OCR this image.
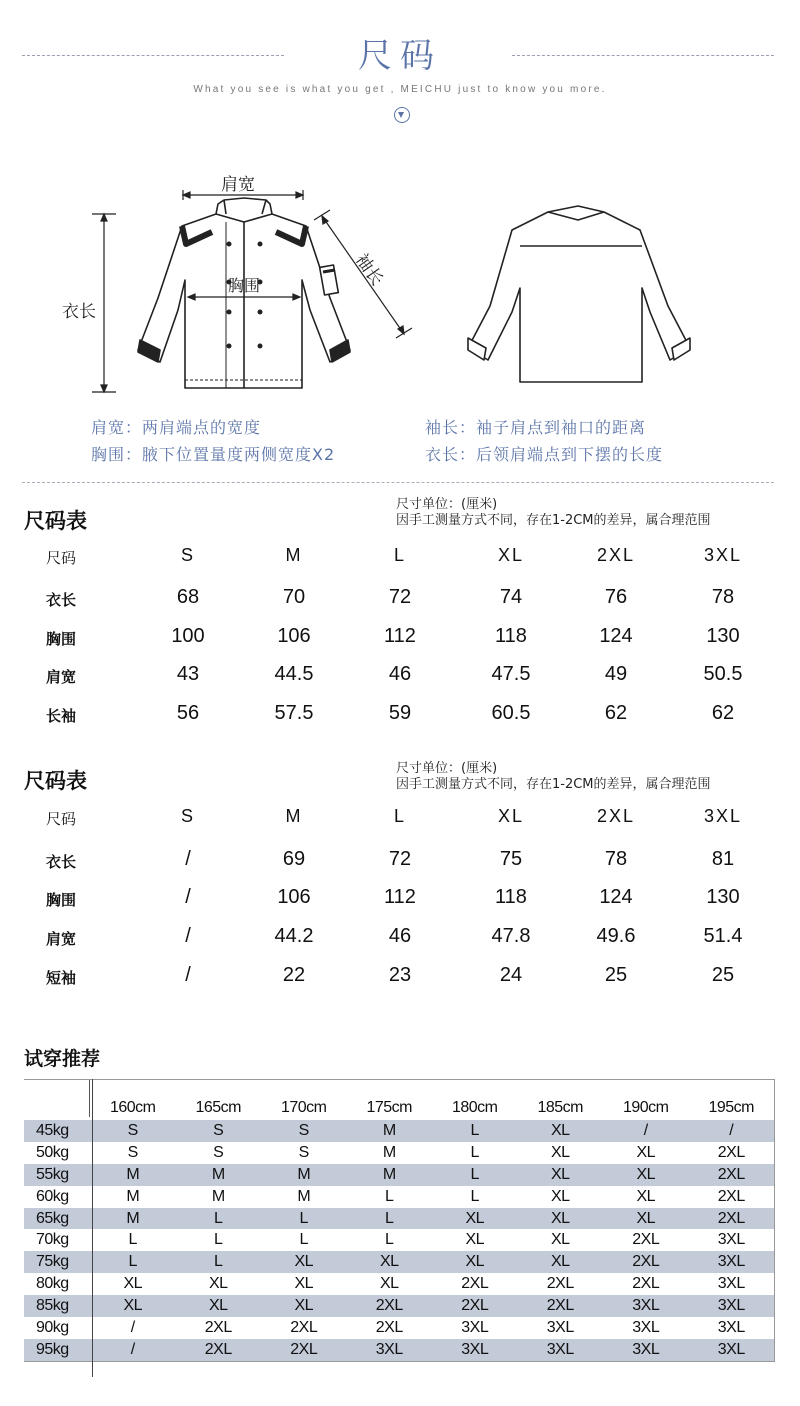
尺码
What you see is what you get , MEICHU just to know you more.
肩宽
胸围	袖长
衣长
肩宽：两肩端点的宽度
胸围：腋下位置量度两侧宽度X2
袖长：袖子肩点到袖口的距离
衣长：后领肩端点到下摆的长度
尺码表
尺寸单位：(厘米)
因手工测量方式不同，存在1-2CM的差异，属合理范围
尺码	S	M	L	XL	2XL	3XL
衣长	68	70	72	74	76	78
胸围	100	106	112	118	124	130
肩宽	43	44.5	46	47.5	49	50.5
长袖	56	57.5	59	60.5	62	62
尺码表
尺寸单位：(厘米)
因手工测量方式不同，存在1-2CM的差异，属合理范围
尺码	S	M	L	XL	2XL	3XL
衣长	/	69	72	75	78	81
胸围	/	106	112	118	124	130
肩宽	/	44.2	46	47.8	49.6	51.4
短袖	/	22	23	24	25	25
试穿推荐
160cm	165cm	170cm	175cm	180cm	185cm	190cm	195cm
45kg	S	S	S	M	L	XL	/	/
50kg	S	S	S	M	L	XL	XL	2XL
55kg	M	M	M	M	L	XL	XL	2XL
60kg	M	M	M	L	L	XL	XL	2XL
65kg	M	L	L	L	XL	XL	XL	2XL
70kg	L	L	L	L	XL	XL	2XL	3XL
75kg	L	L	XL	XL	XL	XL	2XL	3XL
80kg	XL	XL	XL	XL	2XL	2XL	2XL	3XL
85kg	XL	XL	XL	2XL	2XL	2XL	3XL	3XL
90kg	/	2XL	2XL	2XL	3XL	3XL	3XL	3XL
95kg	/	2XL	2XL	3XL	3XL	3XL	3XL	3XL
